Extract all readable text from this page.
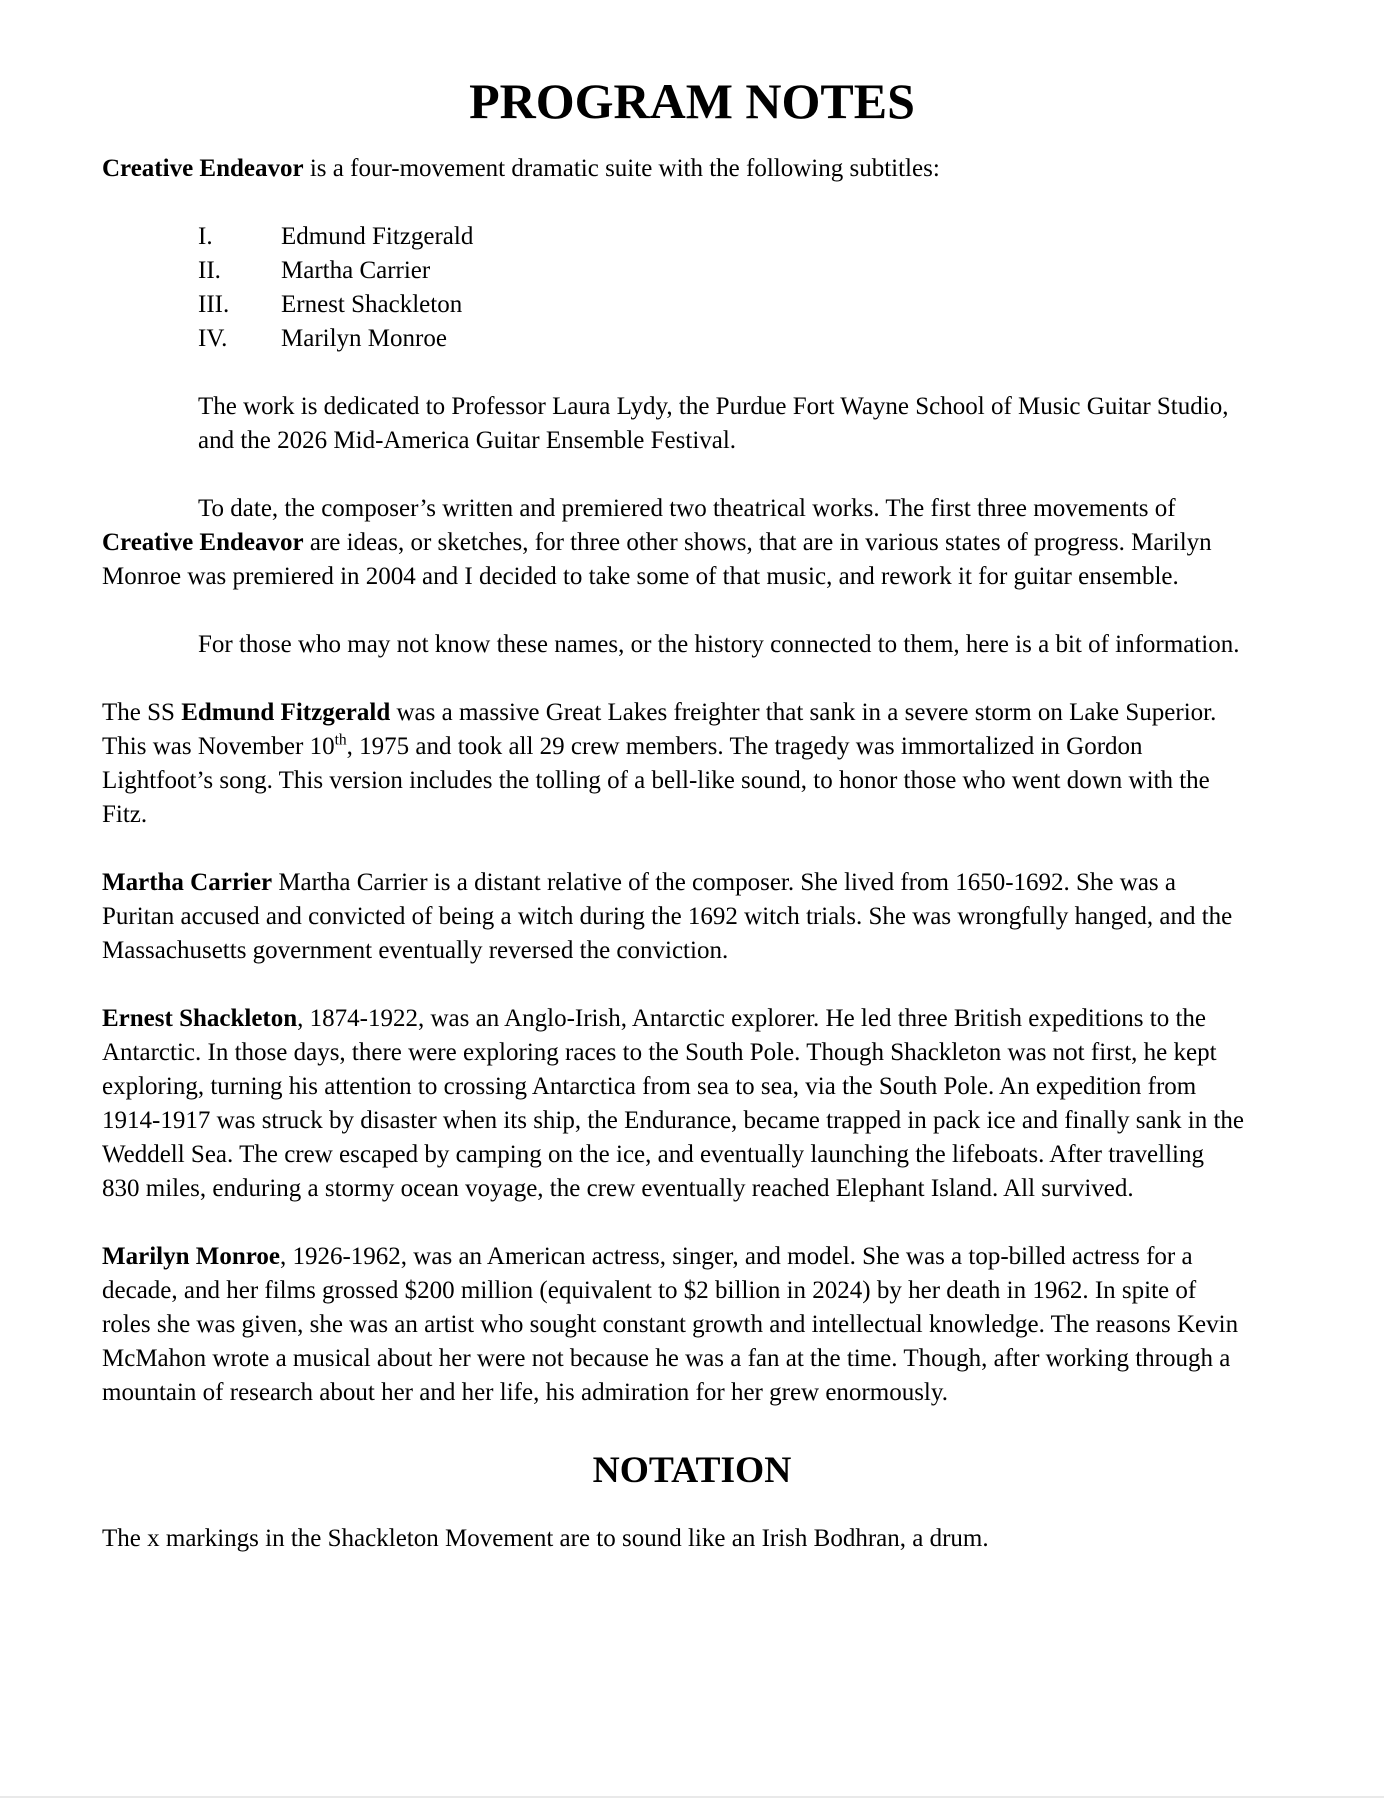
PROGRAM NOTES

Creative Endeavor is a four-movement dramatic suite with the following subtitles:

I.	Edmund Fitzgerald
II. Martha Carrier
III. Ernest Shackleton
IV. Marilyn Monroe

The work is dedicated to Professor Laura Lydy, the Purdue Fort Wayne School of Music Guitar Studio, and the 2026 Mid-America Guitar Ensemble Festival.

To date, the composer’s written and premiered two theatrical works. The first three movements of Creative Endeavor are ideas, or sketches, for three other shows, that are in various states of progress. Marilyn Monroe was premiered in 2004 and I decided to take some of that music, and rework it for guitar ensemble.

For those who may not know these names, or the history connected to them, here is a bit of information.

The SS Edmund Fitzgerald was a massive Great Lakes freighter that sank in a severe storm on Lake Superior. This was November 10th, 1975 and took all 29 crew members. The tragedy was immortalized in Gordon Lightfoot’s song. This version includes the tolling of a bell-like sound, to honor those who went down with the Fitz.

Martha Carrier Martha Carrier is a distant relative of the composer. She lived from 1650-1692. She was a Puritan accused and convicted of being a witch during the 1692 witch trials. She was wrongfully hanged, and the Massachusetts government eventually reversed the conviction.

Ernest Shackleton, 1874-1922, was an Anglo-Irish, Antarctic explorer. He led three British expeditions to the Antarctic. In those days, there were exploring races to the South Pole. Though Shackleton was not first, he kept exploring, turning his attention to crossing Antarctica from sea to sea, via the South Pole. An expedition from 1914-1917 was struck by disaster when its ship, the Endurance, became trapped in pack ice and finally sank in the Weddell Sea. The crew escaped by camping on the ice, and eventually launching the lifeboats. After travelling 830 miles, enduring a stormy ocean voyage, the crew eventually reached Elephant Island. All survived.

Marilyn Monroe, 1926-1962, was an American actress, singer, and model. She was a top-billed actress for a decade, and her films grossed $200 million (equivalent to $2 billion in 2024) by her death in 1962. In spite of roles she was given, she was an artist who sought constant growth and intellectual knowledge. The reasons Kevin McMahon wrote a musical about her were not because he was a fan at the time. Though, after working through a mountain of research about her and her life, his admiration for her grew enormously.

NOTATION

The x markings in the Shackleton Movement are to sound like an Irish Bodhran, a drum.
